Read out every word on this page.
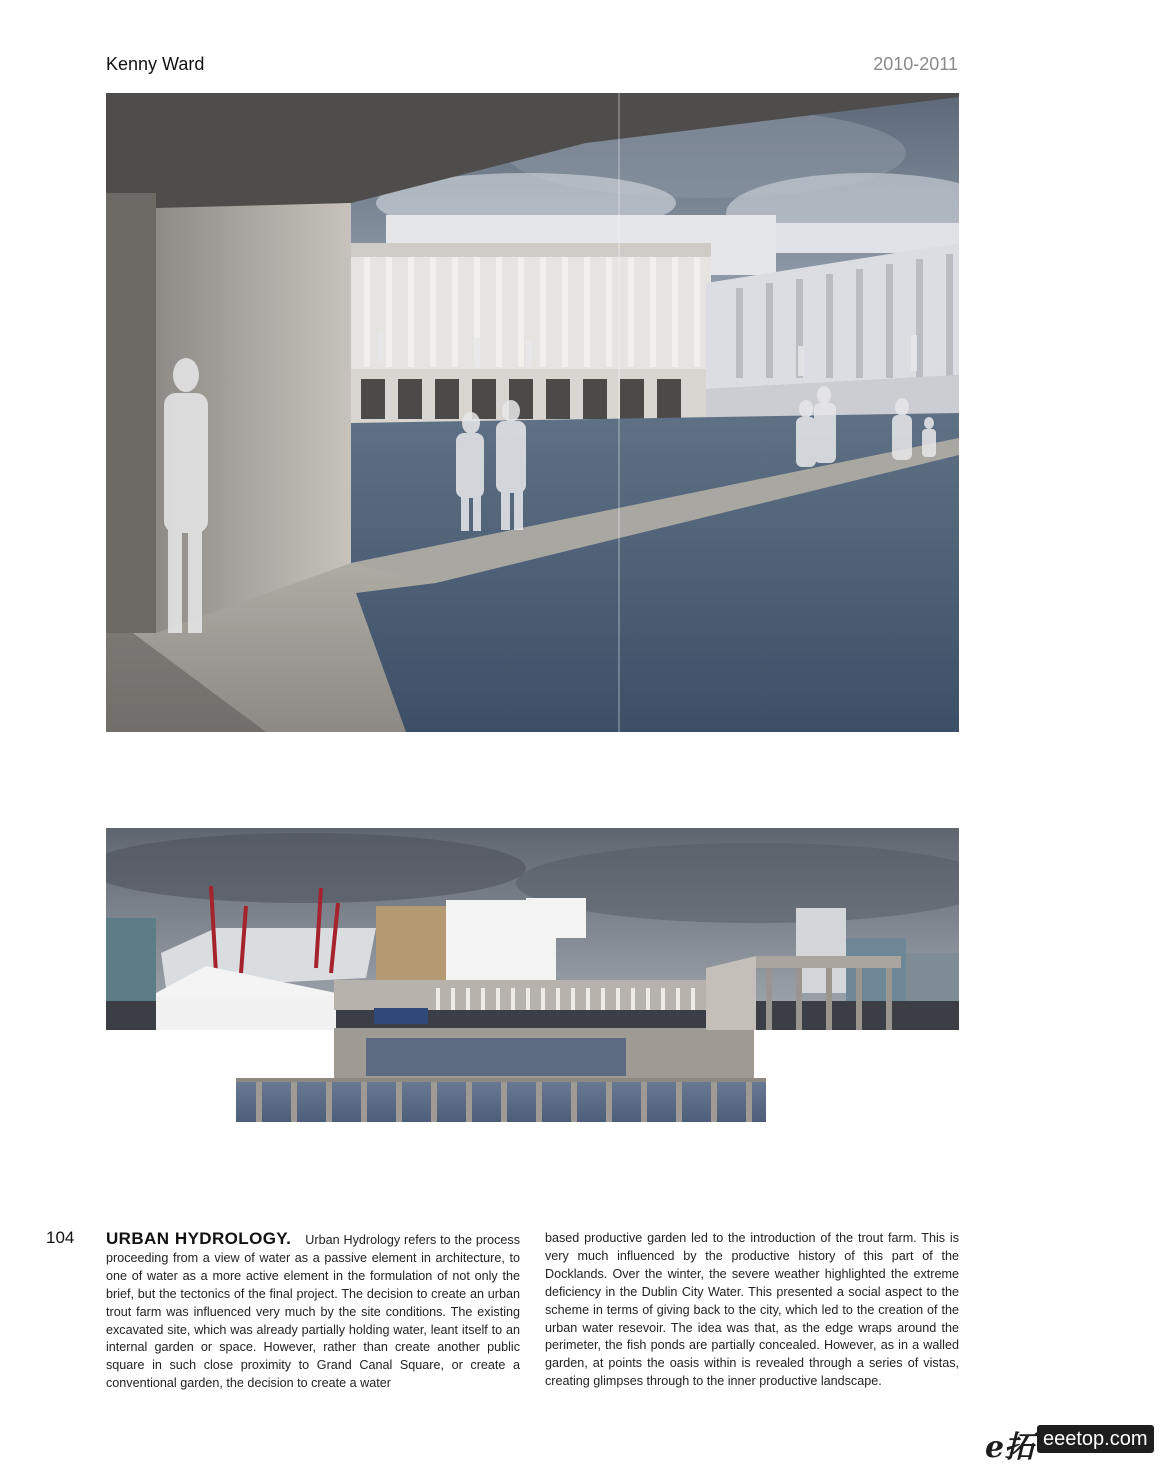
Kenny Ward	2010-2011
104 URBAN HYDROLOGY. Urban Hydrology refers to the process proceeding from a view of water as a passive element in architecture, to one of water as a more active element in the formulation of not only the brief, but the tectonics of the final project. The decision to create an urban trout farm was influenced very much by the site conditions. The existing excavated site, which was already partially holding water, leant itself to an internal garden or space. However, rather than create another public square in such close proximity to Grand Canal Square, or create a conventional garden, the decision to create a water
based productive garden led to the introduction of the trout farm. This is very much influenced by the productive history of this part of the Docklands. Over the winter, the severe weather highlighted the extreme deficiency in the Dublin City Water. This presented a social aspect to the scheme in terms of giving back to the city, which led to the creation of the urban water resevoir. The idea was that, as the edge wraps around the perimeter, the fish ponds are partially concealed. However, as in a walled garden, at points the oasis within is revealed through a series of vistas, creating glimpses through to the inner productive landscape.
e拓 eeetop.com
